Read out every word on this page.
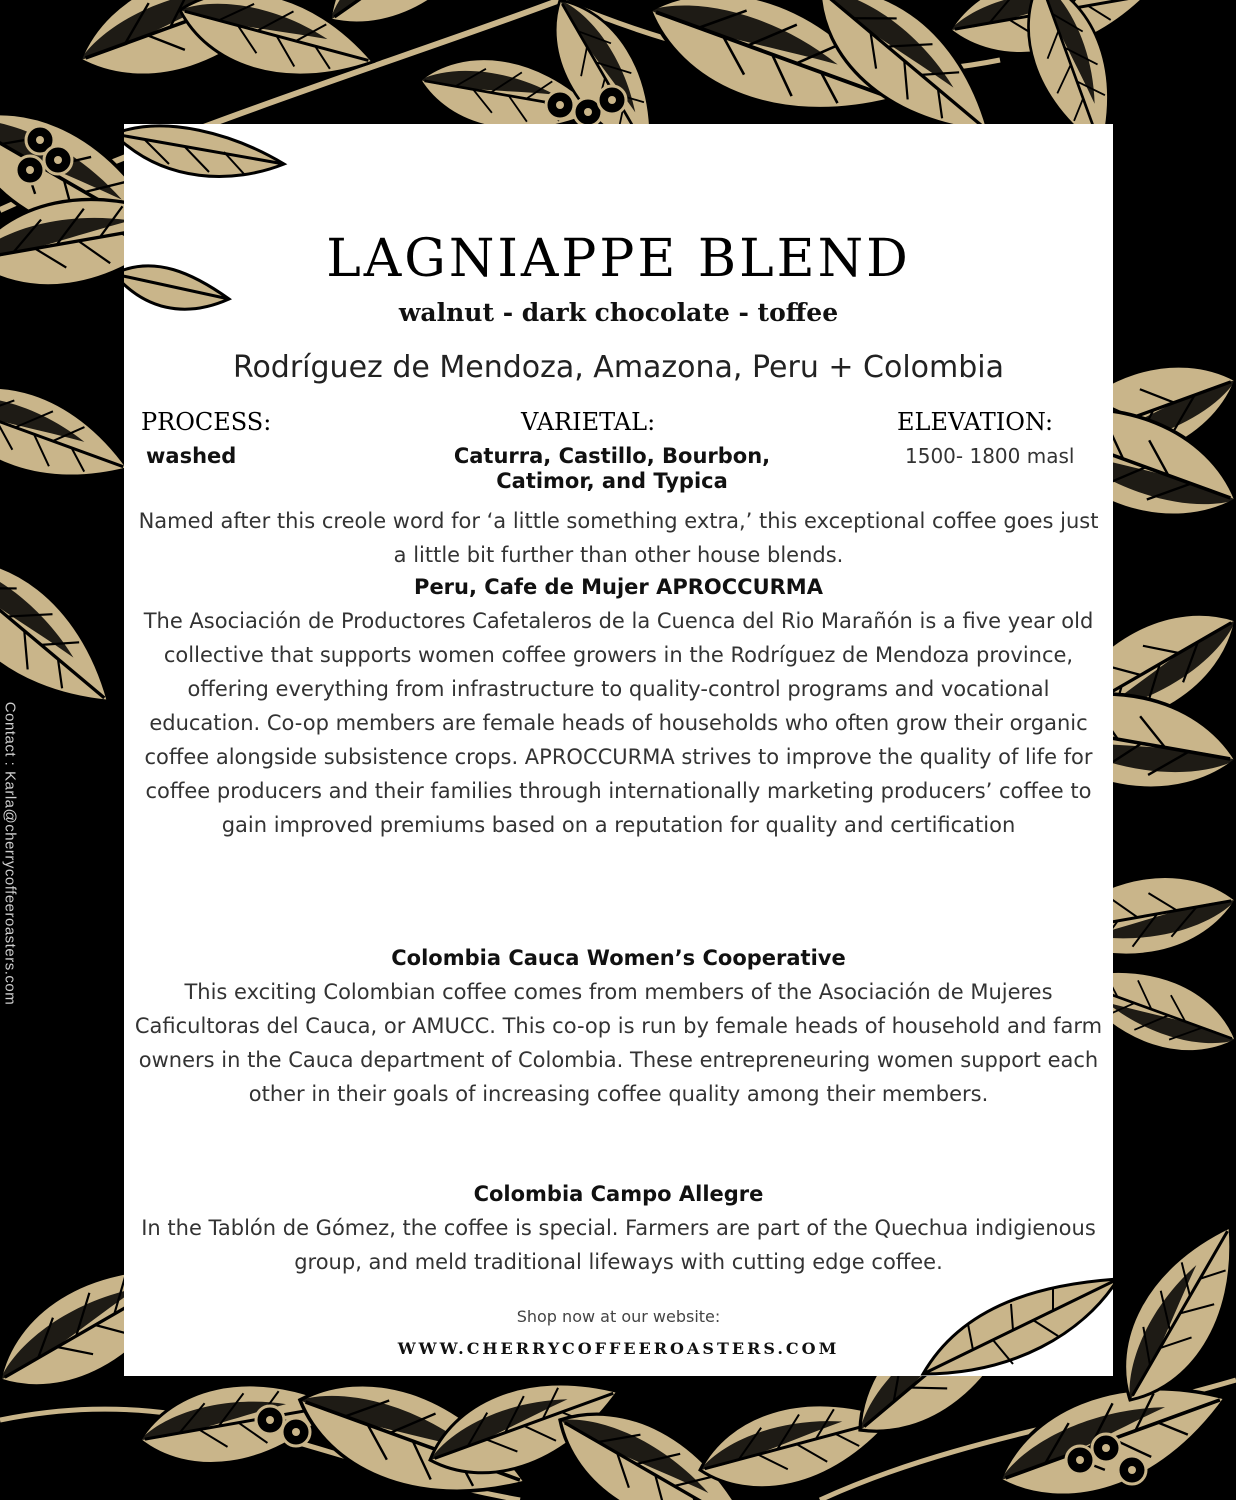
Contact : Karla@cherrycoffeeroasters.com
LAGNIAPPE BLEND
walnut - dark chocolate - toffee
Rodríguez de Mendoza, Amazona, Peru + Colombia
PROCESS:
washed
VARIETAL:
Caturra, Castillo, Bourbon,
Catimor, and Typica
ELEVATION:
1500- 1800 masl

Named after this creole word for ‘a little something extra,’ this exceptional coffee goes just a little bit further than other house blends.

Peru, Cafe de Mujer APROCCURMA

The Asociación de Productores Cafetaleros de la Cuenca del Rio Marañón is a five year old collective that supports women coffee growers in the Rodríguez de Mendoza province, offering everything from infrastructure to quality-control programs and vocational education. Co-op members are female heads of households who often grow their organic coffee alongside subsistence crops. APROCCURMA strives to improve the quality of life for coffee producers and their families through internationally marketing producers’ coffee to gain improved premiums based on a reputation for quality and certification

Colombia Cauca Women’s Cooperative

This exciting Colombian coffee comes from members of the Asociación de Mujeres Caficultoras del Cauca, or AMUCC. This co-op is run by female heads of household and farm owners in the Cauca department of Colombia. These entrepreneuring women support each other in their goals of increasing coffee quality among their members.

Colombia Campo Allegre

In the Tablón de Gómez, the coffee is special. Farmers are part of the Quechua indigienous group, and meld traditional lifeways with cutting edge coffee.

Shop now at our website:
WWW.CHERRYCOFFEEROASTERS.COM
